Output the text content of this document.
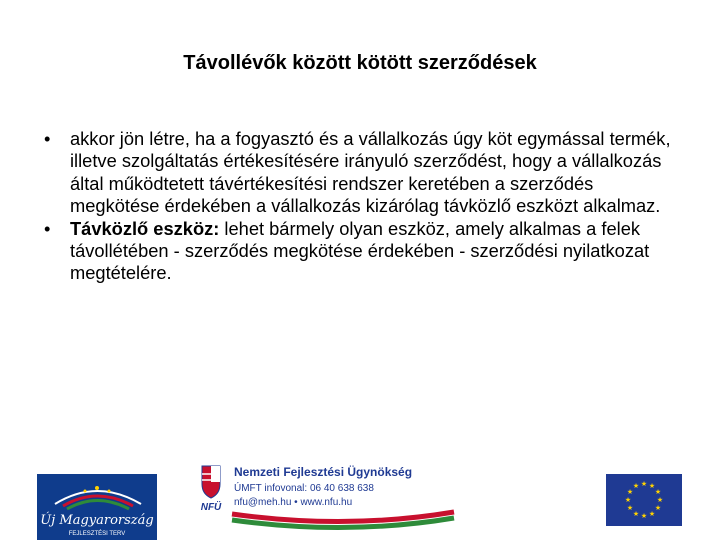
Távollévők között kötött szerződések
• akkor jön létre, ha a fogyasztó és a vállalkozás úgy köt egymással termék, illetve szolgáltatás értékesítésére irányuló szerződést, hogy a vállalkozás által működtetett távértékesítési rendszer keretében a szerződés megkötése érdekében a vállalkozás kizárólag távközlő eszközt alkalmaz.
• Távközlő eszköz: lehet bármely olyan eszköz, amely alkalmas a felek távollétében - szerződés megkötése érdekében - szerződési nyilatkozat megtételére.
Új Magyarország
FEJLESZTÉSI TERV
NFÜ
Nemzeti Fejlesztési Ügynökség
ÚMFT infovonal: 06 40 638 638
nfu@meh.hu • www.nfu.hu
★ ★
★
★
★
★
★
★
★
★
★
★
